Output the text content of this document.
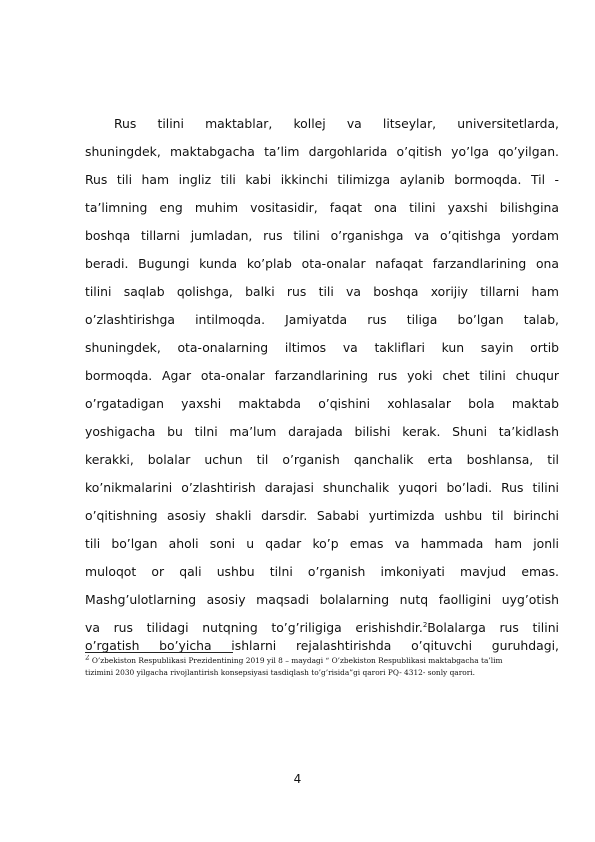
Rus tilini maktablar, kollej va litseylar, universitetlarda,
shuningdek, maktabgacha ta’lim dargohlarida o’qitish yo’lga qo’yilgan.
Rus tili ham ingliz tili kabi ikkinchi tilimizga aylanib bormoqda. Til -
ta’limning eng muhim vositasidir, faqat ona tilini yaxshi bilishgina
boshqa tillarni jumladan, rus tilini o’rganishga va o’qitishga yordam
beradi. Bugungi kunda ko’plab ota-onalar nafaqat farzandlarining ona
tilini saqlab qolishga, balki rus tili va boshqa xorijiy tillarni ham
o’zlashtirishga intilmoqda. Jamiyatda rus tiliga bo’lgan talab,
shuningdek, ota-onalarning iltimos va takliflari kun sayin ortib
bormoqda. Agar ota-onalar farzandlarining rus yoki chet tilini chuqur
o’rgatadigan yaxshi maktabda o’qishini xohlasalar bola maktab
yoshigacha bu tilni ma’lum darajada bilishi kerak. Shuni ta’kidlash
kerakki, bolalar uchun til o’rganish qanchalik erta boshlansa, til
ko’nikmalarini o’zlashtirish darajasi shunchalik yuqori bo’ladi. Rus tilini
o’qitishning asosiy shakli darsdir. Sababi yurtimizda ushbu til birinchi
tili bo’lgan aholi soni u qadar ko’p emas va hammada ham jonli
muloqot or qali ushbu tilni o’rganish imkoniyati mavjud emas.
Mashg’ulotlarning asosiy maqsadi bolalarning nutq faolligini uyg’otish
va rus tilidagi nutqning to’g’riligiga erishishdir.$^2$Bolalarga rus tilini
o’rgatish bo’yicha ishlarni rejalashtirishda o’qituvchi guruhdagi,
$^2$ O’zbekiston Respublikasi Prezidentining 2019 yil 8 – maydagi “ O’zbekiston Respublikasi maktabgacha ta’lim
tizimini 2030 yilgacha rivojlantirish konsepsiyasi tasdiqlash to’g’risida”gi qarori PQ- 4312- sonly qarori.
4
